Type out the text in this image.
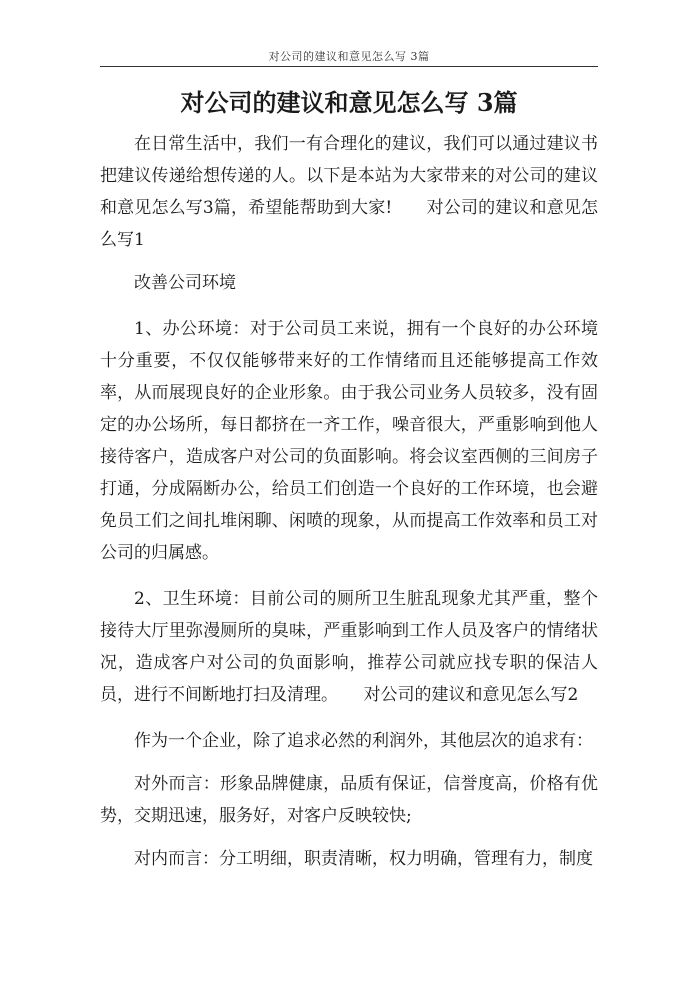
对公司的建议和意见怎么写 3篇
对公司的建议和意见怎么写 3篇

在日常生活中，我们一有合理化的建议，我们可以通过建议书把建议传递给想传递的人。以下是本站为大家带来的对公司的建议和意见怎么写3篇，希望能帮助到大家!　　对公司的建议和意见怎么写1

改善公司环境

1、办公环境：对于公司员工来说，拥有一个良好的办公环境十分重要，不仅仅能够带来好的工作情绪而且还能够提高工作效率，从而展现良好的企业形象。由于我公司业务人员较多，没有固定的办公场所，每日都挤在一齐工作，噪音很大，严重影响到他人接待客户，造成客户对公司的负面影响。将会议室西侧的三间房子打通，分成隔断办公，给员工们创造一个良好的工作环境，也会避免员工们之间扎堆闲聊、闲喷的现象，从而提高工作效率和员工对公司的归属感。

2、卫生环境：目前公司的厕所卫生脏乱现象尤其严重，整个接待大厅里弥漫厕所的臭味，严重影响到工作人员及客户的情绪状况，造成客户对公司的负面影响，推荐公司就应找专职的保洁人员，进行不间断地打扫及清理。　　对公司的建议和意见怎么写2

作为一个企业，除了追求必然的利润外，其他层次的追求有：

对外而言：形象品牌健康，品质有保证，信誉度高，价格有优势，交期迅速，服务好，对客户反映较快;

对内而言：分工明细，职责清晰，权力明确，管理有力，制度
